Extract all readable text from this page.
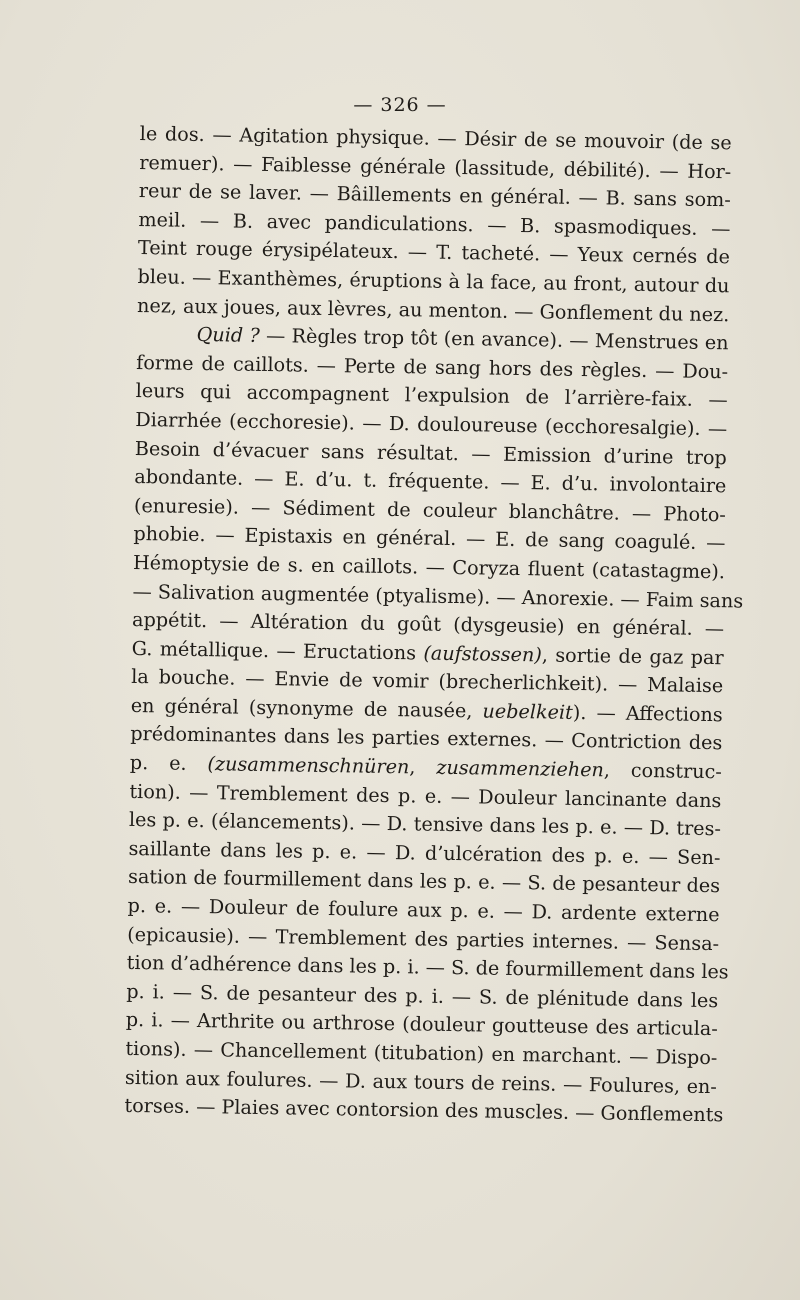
— 326 —
le dos. — Agitation physique. — Désir de se mouvoir (de se
remuer). — Faiblesse générale (lassitude, débilité). — Hor-
reur de se laver. — Bâillements en général. — B. sans som-
meil. — B. avec pandiculations. — B. spasmodiques. —
Teint rouge érysipélateux. — T. tacheté. — Yeux cernés de
bleu. — Exanthèmes, éruptions à la face, au front, autour du
nez, aux joues, aux lèvres, au menton. — Gonflement du nez.
Quid ? — Règles trop tôt (en avance). — Menstrues en
forme de caillots. — Perte de sang hors des règles. — Dou-
leurs qui accompagnent l’expulsion de l’arrière-faix. —
Diarrhée (ecchoresie). — D. douloureuse (ecchoresalgie). —
Besoin d’évacuer sans résultat. — Emission d’urine trop
abondante. — E. d’u. t. fréquente. — E. d’u. involontaire
(enuresie). — Sédiment de couleur blanchâtre. — Photo-
phobie. — Epistaxis en général. — E. de sang coagulé. —
Hémoptysie de s. en caillots. — Coryza fluent (catastagme).
— Salivation augmentée (ptyalisme). — Anorexie. — Faim sans
appétit. — Altération du goût (dysgeusie) en général. —
G. métallique. — Eructations (aufstossen), sortie de gaz par
la bouche. — Envie de vomir (brecherlichkeit). — Malaise
en général (synonyme de nausée, uebelkeit). — Affections
prédominantes dans les parties externes. — Contriction des
p. e. (zusammenschnüren, zusammenziehen, construc-
tion). — Tremblement des p. e. — Douleur lancinante dans
les p. e. (élancements). — D. tensive dans les p. e. — D. tres-
saillante dans les p. e. — D. d’ulcération des p. e. — Sen-
sation de fourmillement dans les p. e. — S. de pesanteur des
p. e. — Douleur de foulure aux p. e. — D. ardente externe
(epicausie). — Tremblement des parties internes. — Sensa-
tion d’adhérence dans les p. i. — S. de fourmillement dans les
p. i. — S. de pesanteur des p. i. — S. de plénitude dans les
p. i. — Arthrite ou arthrose (douleur goutteuse des articula-
tions). — Chancellement (titubation) en marchant. — Dispo-
sition aux foulures. — D. aux tours de reins. — Foulures, en-
torses. — Plaies avec contorsion des muscles. — Gonflements
